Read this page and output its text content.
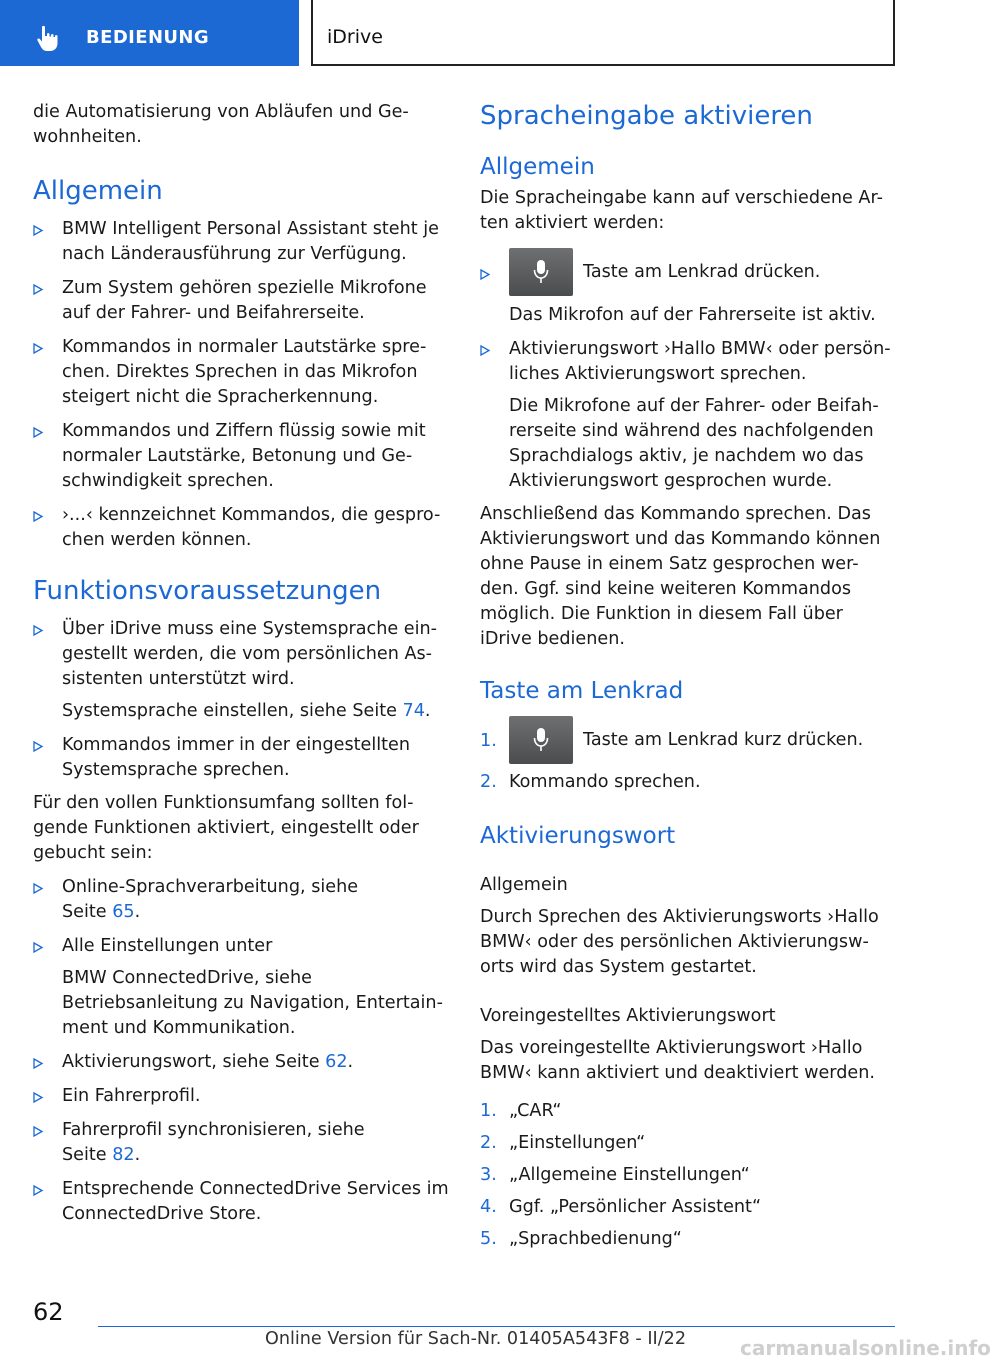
BEDIENUNG	iDrive

die Automatisierung von Abläufen und Ge-
wohnheiten.

Allgemein

BMW Intelligent Personal Assistant steht je nach Länderausführung zur Verfügung.

Zum System gehören spezielle Mikrofone auf der Fahrer- und Beifahrerseite.

Kommandos in normaler Lautstärke spre-
chen. Direktes Sprechen in das Mikrofon steigert nicht die Spracherkennung.

Kommandos und Ziffern flüssig sowie mit normaler Lautstärke, Betonung und Ge-
schwindigkeit sprechen.

›...‹ kennzeichnet Kommandos, die gespro-
chen werden können.

Funktionsvoraussetzungen

Über iDrive muss eine Systemsprache ein-
gestellt werden, die vom persönlichen As-
sistenten unterstützt wird.

Systemsprache einstellen, siehe Seite 74.

Kommandos immer in der eingestellten Systemsprache sprechen.

Für den vollen Funktionsumfang sollten fol-
gende Funktionen aktiviert, eingestellt oder gebucht sein:

Online-Sprachverarbeitung, siehe
Seite 65.

Alle Einstellungen unter

BMW ConnectedDrive, siehe
Betriebsanleitung zu Navigation, Entertain-
ment und Kommunikation.

Aktivierungswort, siehe Seite 62.

Ein Fahrerprofil.

Fahrerprofil synchronisieren, siehe
Seite 82.

Entsprechende ConnectedDrive Services im ConnectedDrive Store.

Spracheingabe aktivieren
Allgemein

Die Spracheingabe kann auf verschiedene Ar-
ten aktiviert werden:

Taste am Lenkrad drücken.

Das Mikrofon auf der Fahrerseite ist aktiv.

Aktivierungswort ›Hallo BMW‹ oder persön-
liches Aktivierungswort sprechen.

Die Mikrofone auf der Fahrer- oder Beifah-
rerseite sind während des nachfolgenden Sprachdialogs aktiv, je nachdem wo das Aktivierungswort gesprochen wurde.

Anschließend das Kommando sprechen. Das Aktivierungswort und das Kommando können ohne Pause in einem Satz gesprochen wer-
den. Ggf. sind keine weiteren Kommandos möglich. Die Funktion in diesem Fall über iDrive bedienen.

Taste am Lenkrad
1.	Taste am Lenkrad kurz drücken.

2. Kommando sprechen.

Aktivierungswort
Allgemein

Durch Sprechen des Aktivierungsworts ›Hallo BMW‹ oder des persönlichen Aktivierungsw-
orts wird das System gestartet.

Voreingestelltes Aktivierungswort

Das voreingestellte Aktivierungswort ›Hallo BMW‹ kann aktiviert und deaktiviert werden.

1. „CAR“

2. „Einstellungen“

3. „Allgemeine Einstellungen“

4. Ggf. „Persönlicher Assistent“

5. „Sprachbedienung“

62
Online Version für Sach-Nr. 01405A543F8 - II/22	carmanualsonline.info
